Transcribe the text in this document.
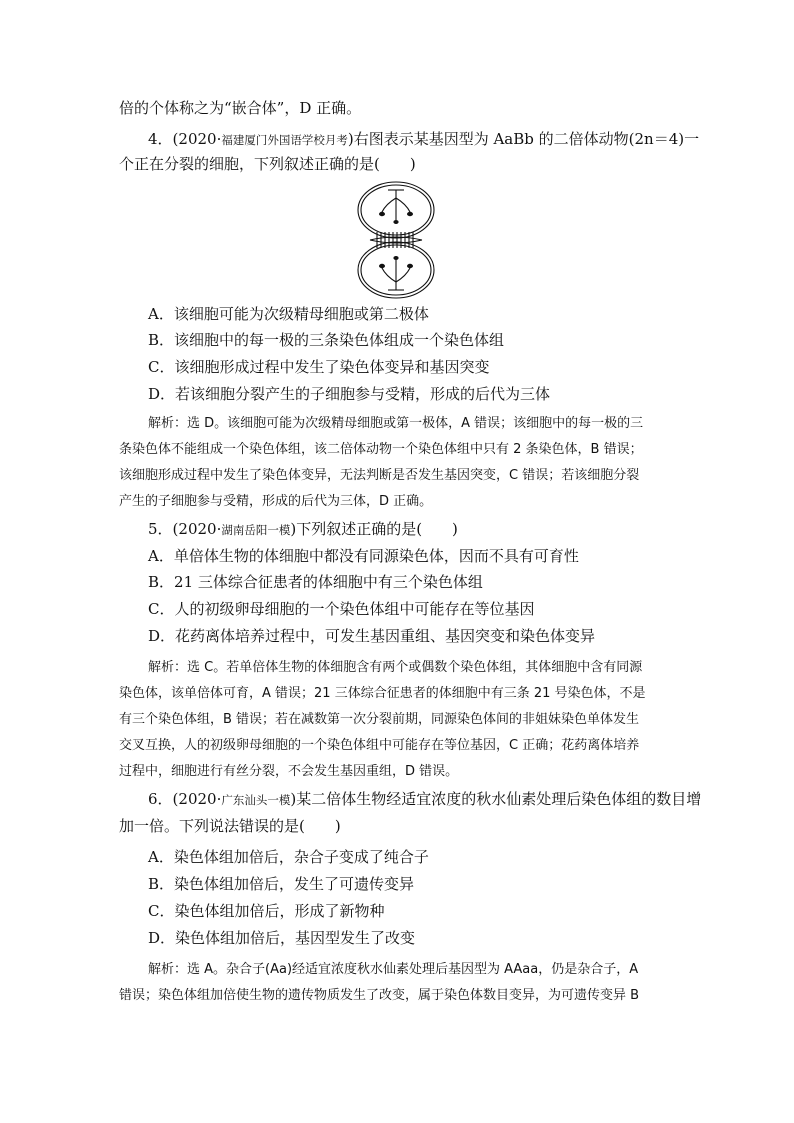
倍的个体称之为“嵌合体”，D 正确。
4．(2020·福建厦门外国语学校月考)右图表示某基因型为 AaBb 的二倍体动物(2n＝4)一
个正在分裂的细胞，下列叙述正确的是(　　)
A．该细胞可能为次级精母细胞或第二极体
B．该细胞中的每一极的三条染色体组成一个染色体组
C．该细胞形成过程中发生了染色体变异和基因突变
D．若该细胞分裂产生的子细胞参与受精，形成的后代为三体
解析：选 D。该细胞可能为次级精母细胞或第一极体，A 错误；该细胞中的每一极的三
条染色体不能组成一个染色体组，该二倍体动物一个染色体组中只有 2 条染色体，B 错误；
该细胞形成过程中发生了染色体变异，无法判断是否发生基因突变，C 错误；若该细胞分裂
产生的子细胞参与受精，形成的后代为三体，D 正确。
5．(2020·湖南岳阳一模)下列叙述正确的是(　　)
A．单倍体生物的体细胞中都没有同源染色体，因而不具有可育性
B．21 三体综合征患者的体细胞中有三个染色体组
C．人的初级卵母细胞的一个染色体组中可能存在等位基因
D．花药离体培养过程中，可发生基因重组、基因突变和染色体变异
解析：选 C。若单倍体生物的体细胞含有两个或偶数个染色体组，其体细胞中含有同源
染色体，该单倍体可育，A 错误；21 三体综合征患者的体细胞中有三条 21 号染色体，不是
有三个染色体组，B 错误；若在减数第一次分裂前期，同源染色体间的非姐妹染色单体发生
交叉互换，人的初级卵母细胞的一个染色体组中可能存在等位基因，C 正确；花药离体培养
过程中，细胞进行有丝分裂，不会发生基因重组，D 错误。
6．(2020·广东汕头一模)某二倍体生物经适宜浓度的秋水仙素处理后染色体组的数目增
加一倍。下列说法错误的是(　　)
A．染色体组加倍后，杂合子变成了纯合子
B．染色体组加倍后，发生了可遗传变异
C．染色体组加倍后，形成了新物种
D．染色体组加倍后，基因型发生了改变
解析：选 A。杂合子(Aa)经适宜浓度秋水仙素处理后基因型为 AAaa，仍是杂合子，A
错误；染色体组加倍使生物的遗传物质发生了改变，属于染色体数目变异，为可遗传变异 B
